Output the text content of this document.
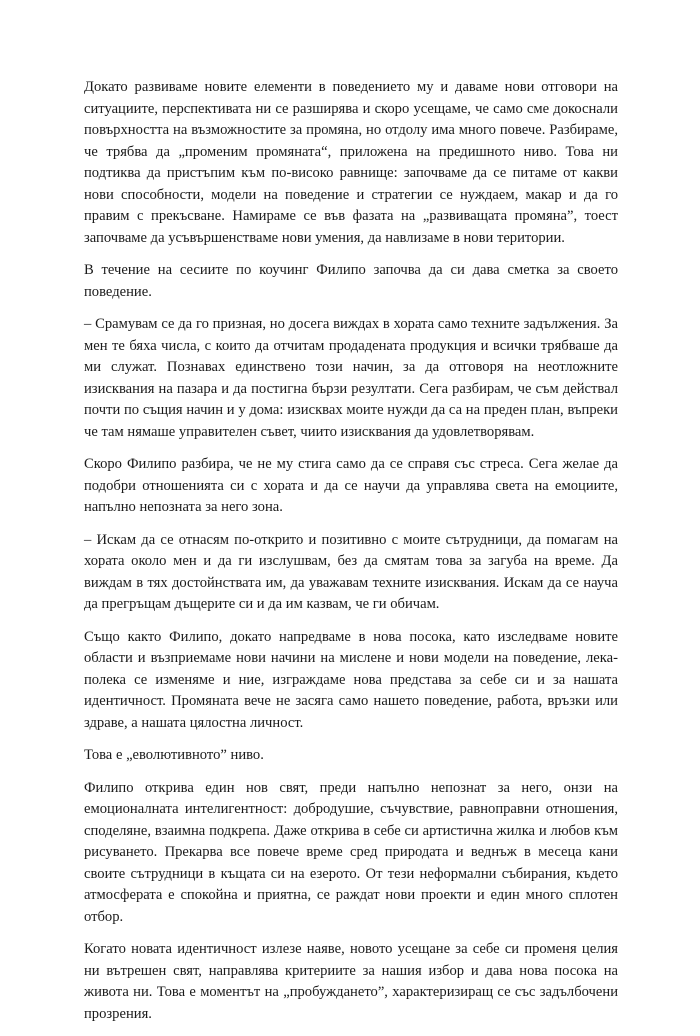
Докато развиваме новите елементи в поведението му и даваме нови отговори на ситуациите, перспективата ни се разширява и скоро усещаме, че само сме докоснали повърхността на възможностите за промяна, но отдолу има много повече. Разбираме, че трябва да „променим промяната“, приложена на предишното ниво. Това ни подтиква да пристъпим към по-високо равнище: започваме да се питаме от какви нови способности, модели на поведение и стратегии се нуждаем, макар и да го правим с прекъсване. Намираме се във фазата на „развиващата промяна”, тоест започваме да усъвършенстваме нови умения, да навлизаме в нови територии.

В течение на сесиите по коучинг Филипо започва да си дава сметка за своето поведение.

– Срамувам се да го призная, но досега виждах в хората само техните задължения. За мен те бяха числа, с които да отчитам продадената продукция и всички трябваше да ми служат. Познавах единствено този начин, за да отговоря на неотложните изисквания на пазара и да постигна бързи резултати. Сега разбирам, че съм действал почти по същия начин и у дома: изисквах моите нужди да са на преден план, въпреки че там нямаше управителен съвет, чиито изисквания да удовлетворявам.

Скоро Филипо разбира, че не му стига само да се справя със стреса. Сега желае да подобри отношенията си с хората и да се научи да управлява света на емоциите, напълно непозната за него зона.

– Искам да се отнасям по-открито и позитивно с моите сътрудници, да помагам на хората около мен и да ги изслушвам, без да смятам това за загуба на време. Да виждам в тях достойнствата им, да уважавам техните изисквания. Искам да се науча да прегръщам дъщерите си и да им казвам, че ги обичам.

Също както Филипо, докато напредваме в нова посока, като изследваме новите области и възприемаме нови начини на мислене и нови модели на поведение, лека-полека се изменяме и ние, изграждаме нова представа за себе си и за нашата идентичност. Промяната вече не засяга само нашето поведение, работа, връзки или здраве, а нашата цялостна личност.

Това е „еволютивното” ниво.

Филипо открива един нов свят, преди напълно непознат за него, онзи на емоционалната интелигентност: добродушие, съчувствие, равноправни отношения, споделяне, взаимна подкрепа. Даже открива в себе си артистична жилка и любов към рисуването. Прекарва все повече време сред природата и веднъж в месеца кани своите сътрудници в къщата си на езерото. От тези неформални събирания, където атмосферата е спокойна и приятна, се раждат нови проекти и един много сплотен отбор.

Когато новата идентичност излезе наяве, новото усещане за себе си променя целия ни вътрешен свят, направлява критериите за нашия избор и дава нова посока на живота ни. Това е моментът на „пробуждането”, характеризиращ се със задълбочени прозрения.
